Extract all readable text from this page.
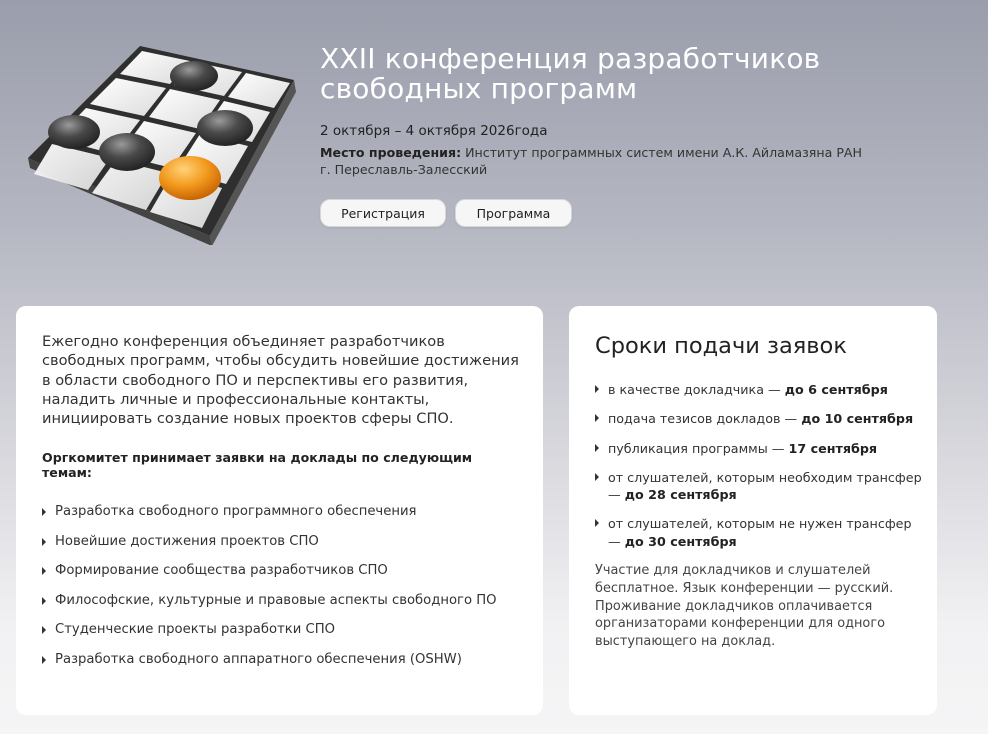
XXII конференция разработчиков
свободных программ
2 октября – 4 октября 2026года
Место проведения: Институт программных систем имени А.К. Айламазяна РАН
г. Переславль-Залесский
Регистрация	Программа

Ежегодно конференция объединяет разработчиков свободных программ, чтобы обсудить новейшие достижения в области свободного ПО и перспективы его развития, наладить личные и профессиональные контакты, инициировать создание новых проектов сферы СПО.

Оргкомитет принимает заявки на доклады по следующим темам:

Разработка свободного программного обеспечения
Новейшие достижения проектов СПО
Формирование сообщества разработчиков СПО
Философские, культурные и правовые аспекты свободного ПО
Студенческие проекты разработки СПО
Разработка свободного аппаратного обеспечения (OSHW)
Сроки подачи заявок
в качестве докладчика — до 6 сентября
подача тезисов докладов — до 10 сентября
публикация программы — 17 сентября
от слушателей, которым необходим трансфер — до 28 сентября
от слушателей, которым не нужен трансфер — до 30 сентября

Участие для докладчиков и слушателей бесплатное. Язык конференции — русский. Проживание докладчиков оплачивается организаторами конференции для одного выступающего на доклад.
